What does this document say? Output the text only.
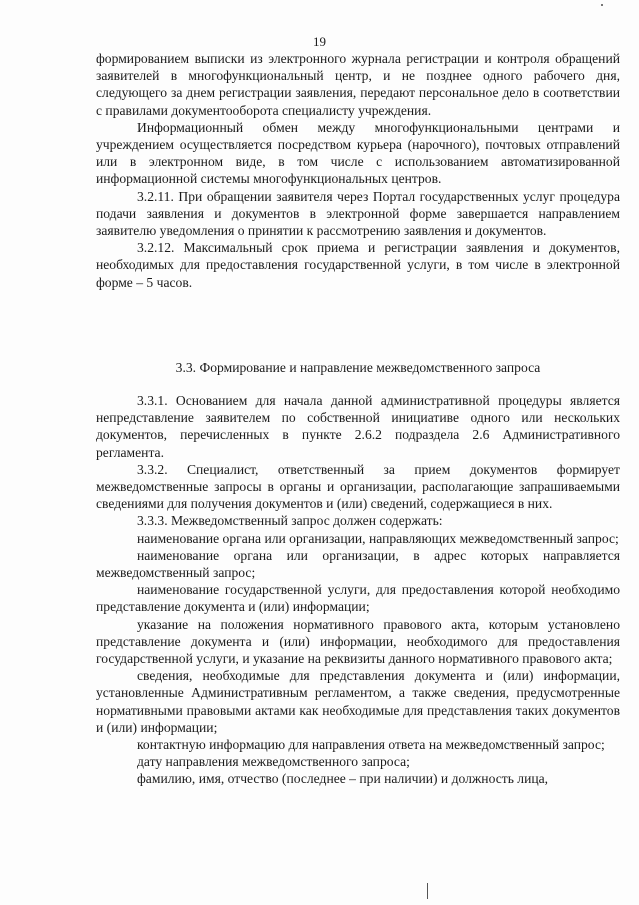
19

формированием выписки из электронного журнала регистрации и контроля обращений заявителей в многофункциональный центр, и не позднее одного рабочего дня, следующего за днем регистрации заявления, передают персональное дело в соответствии с правилами документооборота специалисту учреждения.

Информационный обмен между многофункциональными центрами и учреждением осуществляется посредством курьера (нарочного), почтовых отправлений или в электронном виде, в том числе с использованием автоматизированной информационной системы многофункциональных центров.

3.2.11. При обращении заявителя через Портал государственных услуг процедура подачи заявления и документов в электронной форме завершается направлением заявителю уведомления о принятии к рассмотрению заявления и документов.

3.2.12. Максимальный срок приема и регистрации заявления и документов, необходимых для предоставления государственной услуги, в том числе в электронной форме – 5 часов.

3.3. Формирование и направление межведомственного запроса

3.3.1. Основанием для начала данной административной процедуры является непредставление заявителем по собственной инициативе одного или нескольких документов, перечисленных в пункте 2.6.2 подраздела 2.6 Административного регламента.

3.3.2. Специалист, ответственный за прием документов формирует межведомственные запросы в органы и организации, располагающие запрашиваемыми сведениями для получения документов и (или) сведений, содержащиеся в них.

3.3.3. Межведомственный запрос должен содержать:

наименование органа или организации, направляющих межведомственный запрос;

наименование органа или организации, в адрес которых направляется межведомственный запрос;

наименование государственной услуги, для предоставления которой необходимо представление документа и (или) информации;

указание на положения нормативного правового акта, которым установлено представление документа и (или) информации, необходимого для предоставления государственной услуги, и указание на реквизиты данного нормативного правового акта;

сведения, необходимые для представления документа и (или) информации, установленные Административным регламентом, а также сведения, предусмотренные нормативными правовыми актами как необходимые для представления таких документов и (или) информации;

контактную информацию для направления ответа на межведомственный запрос;

дату направления межведомственного запроса;

фамилию, имя, отчество (последнее – при наличии) и должность лица,
